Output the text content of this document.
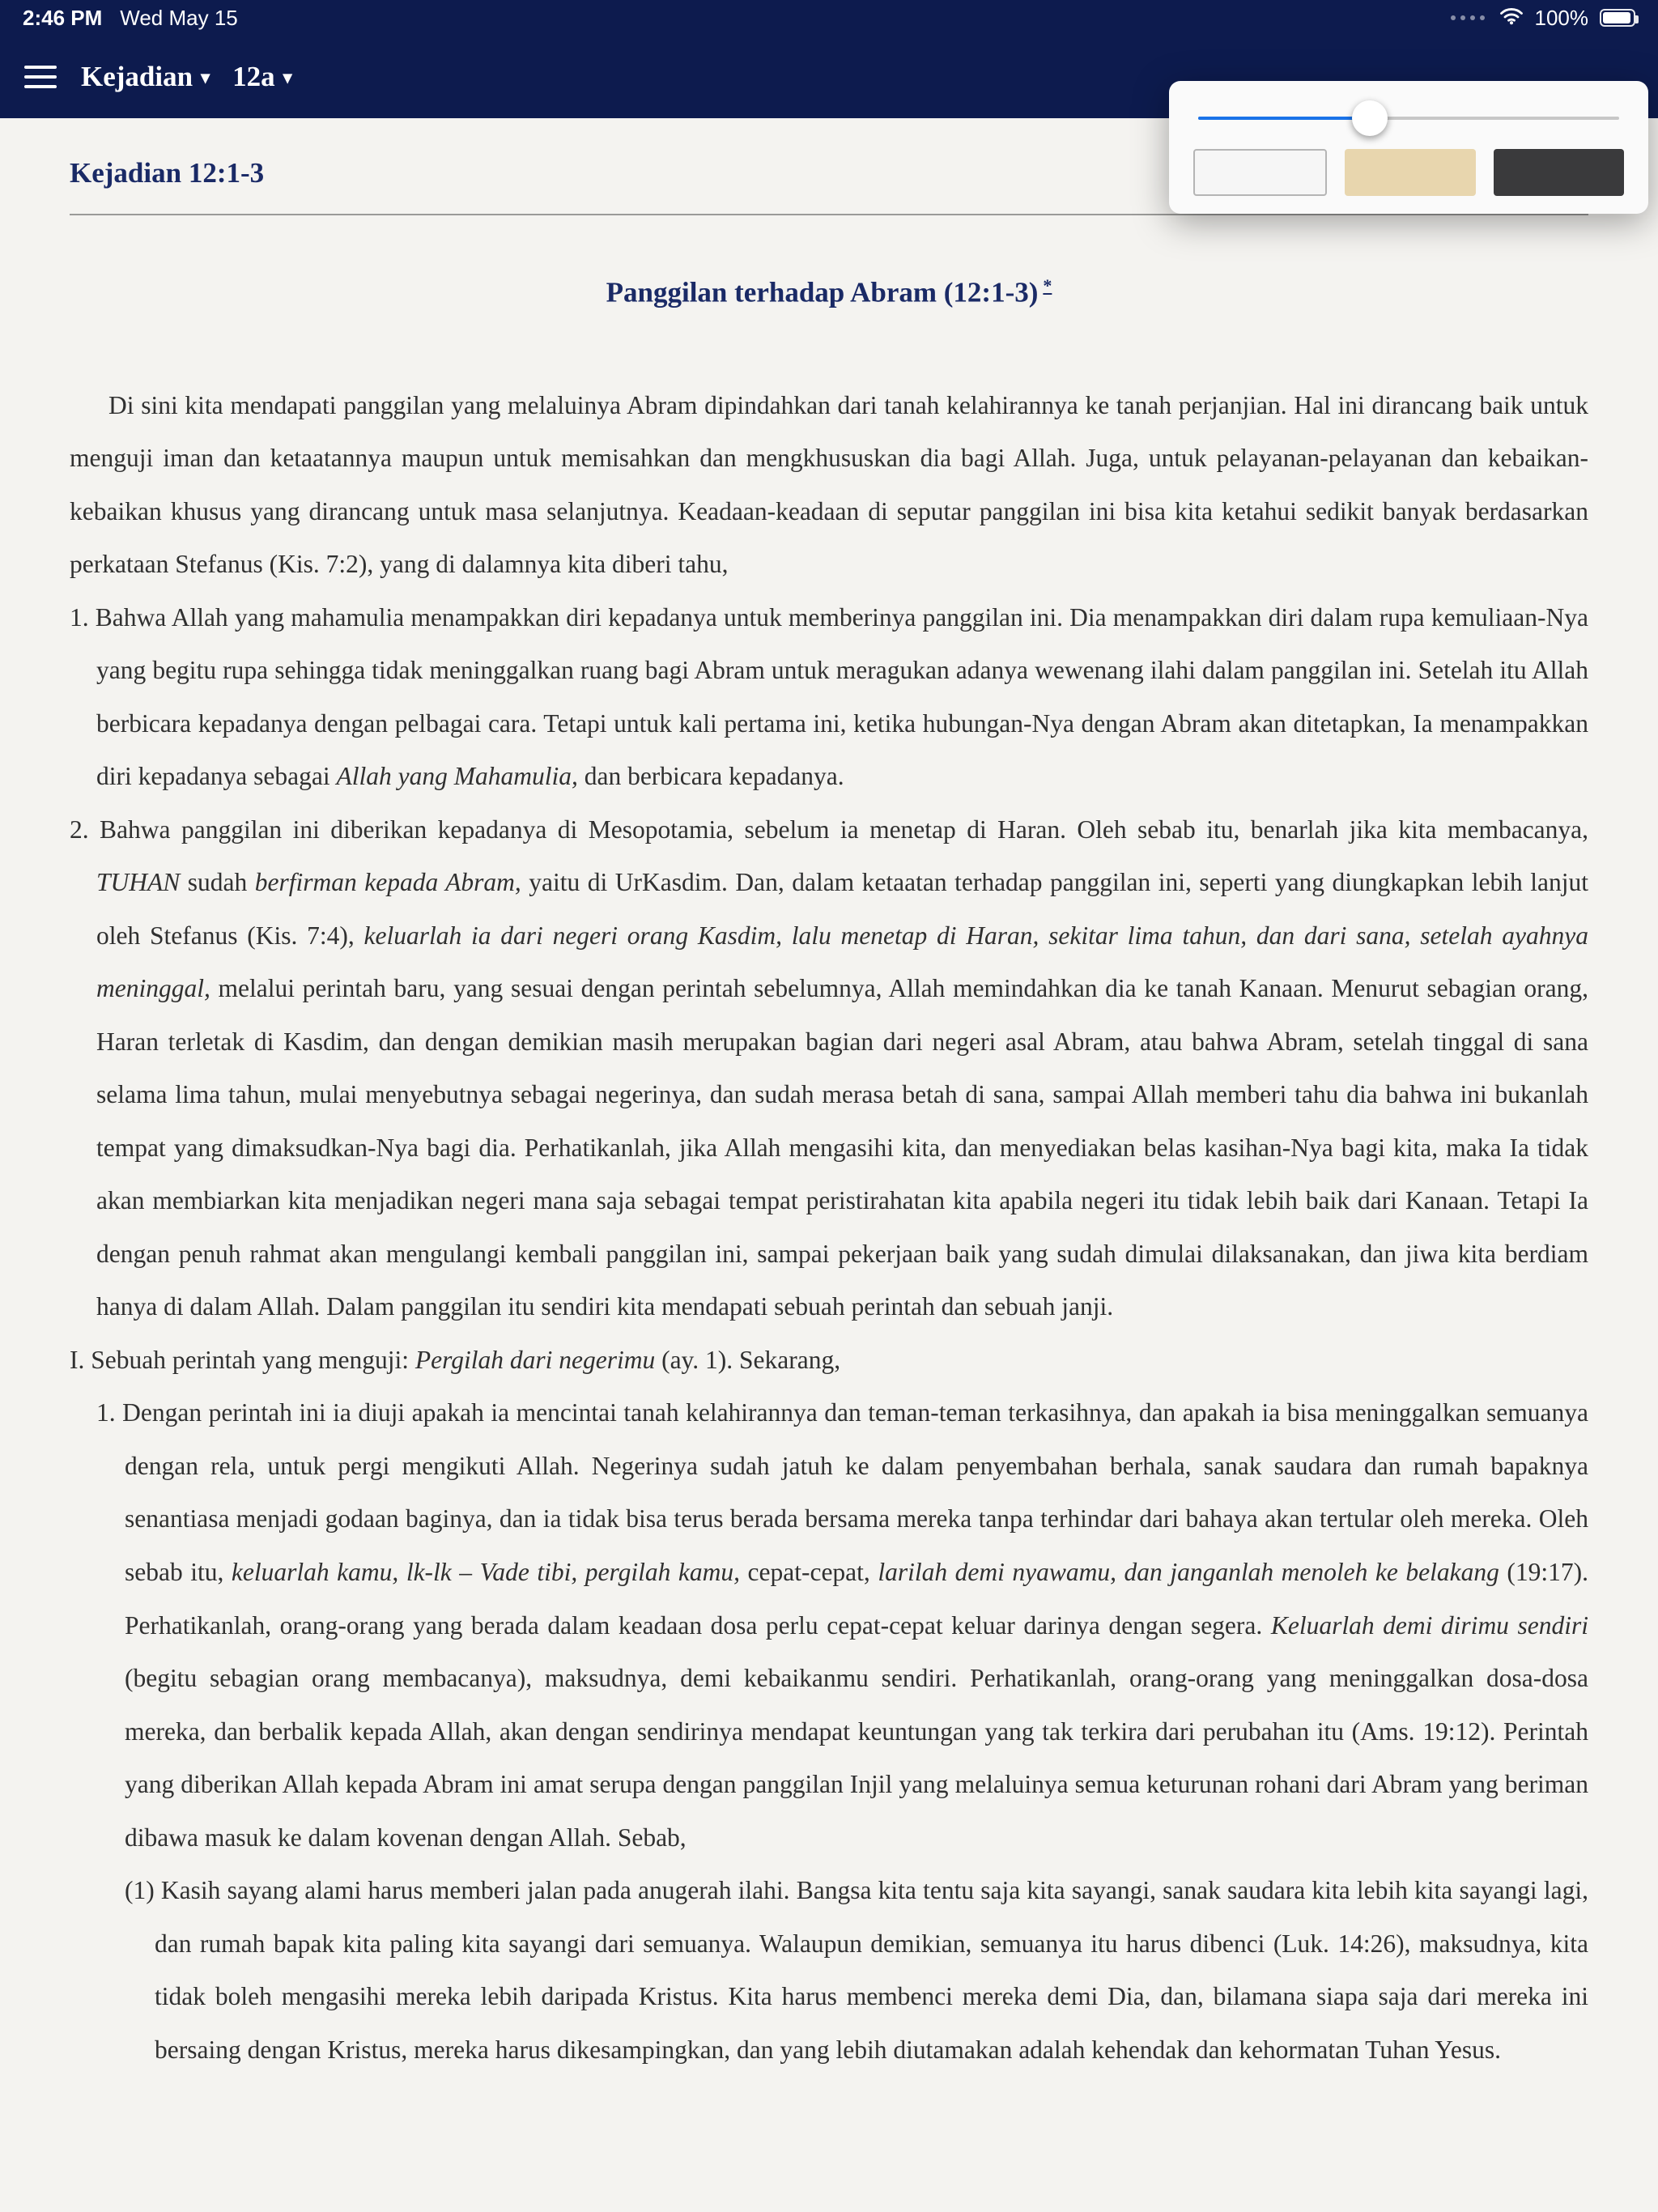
2:46 PM Wed May 15	100%
Kejadian ▾ 12a ▾
Kejadian 12:1-3
Panggilan terhadap Abram (12:1-3) *

Di sini kita mendapati panggilan yang melaluinya Abram dipindahkan dari tanah kelahirannya ke tanah perjanjian. Hal ini dirancang baik untuk menguji iman dan ketaatannya maupun untuk memisahkan dan mengkhususkan dia bagi Allah. Juga, untuk pelayanan-pelayanan dan kebaikan-kebaikan khusus yang dirancang untuk masa selanjutnya. Keadaan-keadaan di seputar panggilan ini bisa kita ketahui sedikit banyak berdasarkan perkataan Stefanus (Kis. 7:2), yang di dalamnya kita diberi tahu,

1. Bahwa Allah yang mahamulia menampakkan diri kepadanya untuk memberinya panggilan ini. Dia menampakkan diri dalam rupa kemuliaan-Nya yang begitu rupa sehingga tidak meninggalkan ruang bagi Abram untuk meragukan adanya wewenang ilahi dalam panggilan ini. Setelah itu Allah berbicara kepadanya dengan pelbagai cara. Tetapi untuk kali pertama ini, ketika hubungan-Nya dengan Abram akan ditetapkan, Ia menampakkan diri kepadanya sebagai Allah yang Mahamulia, dan berbicara kepadanya.

2. Bahwa panggilan ini diberikan kepadanya di Mesopotamia, sebelum ia menetap di Haran. Oleh sebab itu, benarlah jika kita membacanya, TUHAN sudah berfirman kepada Abram, yaitu di UrKasdim. Dan, dalam ketaatan terhadap panggilan ini, seperti yang diungkapkan lebih lanjut oleh Stefanus (Kis. 7:4), keluarlah ia dari negeri orang Kasdim, lalu menetap di Haran, sekitar lima tahun, dan dari sana, setelah ayahnya meninggal, melalui perintah baru, yang sesuai dengan perintah sebelumnya, Allah memindahkan dia ke tanah Kanaan. Menurut sebagian orang, Haran terletak di Kasdim, dan dengan demikian masih merupakan bagian dari negeri asal Abram, atau bahwa Abram, setelah tinggal di sana selama lima tahun, mulai menyebutnya sebagai negerinya, dan sudah merasa betah di sana, sampai Allah memberi tahu dia bahwa ini bukanlah tempat yang dimaksudkan-Nya bagi dia. Perhatikanlah, jika Allah mengasihi kita, dan menyediakan belas kasihan-Nya bagi kita, maka Ia tidak akan membiarkan kita menjadikan negeri mana saja sebagai tempat peristirahatan kita apabila negeri itu tidak lebih baik dari Kanaan. Tetapi Ia dengan penuh rahmat akan mengulangi kembali panggilan ini, sampai pekerjaan baik yang sudah dimulai dilaksanakan, dan jiwa kita berdiam hanya di dalam Allah. Dalam panggilan itu sendiri kita mendapati sebuah perintah dan sebuah janji.

I. Sebuah perintah yang menguji: Pergilah dari negerimu (ay. 1). Sekarang,

1. Dengan perintah ini ia diuji apakah ia mencintai tanah kelahirannya dan teman-teman terkasihnya, dan apakah ia bisa meninggalkan semuanya dengan rela, untuk pergi mengikuti Allah. Negerinya sudah jatuh ke dalam penyembahan berhala, sanak saudara dan rumah bapaknya senantiasa menjadi godaan baginya, dan ia tidak bisa terus berada bersama mereka tanpa terhindar dari bahaya akan tertular oleh mereka. Oleh sebab itu, keluarlah kamu, lk-lk – Vade tibi, pergilah kamu, cepat-cepat, larilah demi nyawamu, dan janganlah menoleh ke belakang (19:17). Perhatikanlah, orang-orang yang berada dalam keadaan dosa perlu cepat-cepat keluar darinya dengan segera. Keluarlah demi dirimu sendiri (begitu sebagian orang membacanya), maksudnya, demi kebaikanmu sendiri. Perhatikanlah, orang-orang yang meninggalkan dosa-dosa mereka, dan berbalik kepada Allah, akan dengan sendirinya mendapat keuntungan yang tak terkira dari perubahan itu (Ams. 19:12). Perintah yang diberikan Allah kepada Abram ini amat serupa dengan panggilan Injil yang melaluinya semua keturunan rohani dari Abram yang beriman dibawa masuk ke dalam kovenan dengan Allah. Sebab,

(1) Kasih sayang alami harus memberi jalan pada anugerah ilahi. Bangsa kita tentu saja kita sayangi, sanak saudara kita lebih kita sayangi lagi, dan rumah bapak kita paling kita sayangi dari semuanya. Walaupun demikian, semuanya itu harus dibenci (Luk. 14:26), maksudnya, kita tidak boleh mengasihi mereka lebih daripada Kristus. Kita harus membenci mereka demi Dia, dan, bilamana siapa saja dari mereka ini bersaing dengan Kristus, mereka harus dikesampingkan, dan yang lebih diutamakan adalah kehendak dan kehormatan Tuhan Yesus.
